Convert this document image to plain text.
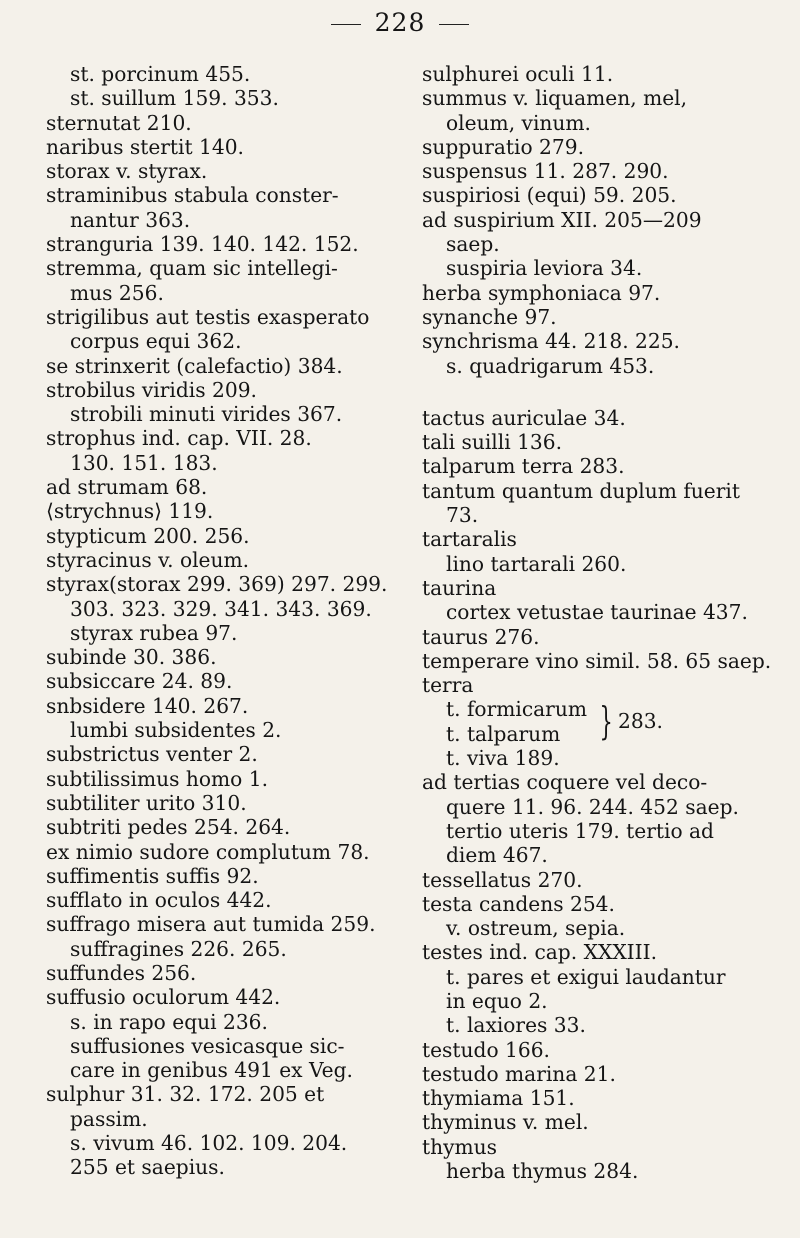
228
st. porcinum 455.
st. suillum 159. 353.
sternutat 210.
naribus stertit 140.
storax v. styrax.
straminibus stabula conster-
nantur 363.
stranguria 139. 140. 142. 152.
stremma, quam sic intellegi-
mus 256.
strigilibus aut testis exasperato
corpus equi 362.
se strinxerit (calefactio) 384.
strobilus viridis 209.
strobili minuti virides 367.
strophus ind. cap. VII. 28.
130. 151. 183.
ad strumam 68.
⟨strychnus⟩ 119.
stypticum 200. 256.
styracinus v. oleum.
styrax(storax 299. 369) 297. 299.
303. 323. 329. 341. 343. 369.
styrax rubea 97.
subinde 30. 386.
subsiccare 24. 89.
snbsidere 140. 267.
lumbi subsidentes 2.
substrictus venter 2.
subtilissimus homo 1.
subtiliter urito 310.
subtriti pedes 254. 264.
ex nimio sudore complutum 78.
suffimentis suffis 92.
sufflato in oculos 442.
suffrago misera aut tumida 259.
suffragines 226. 265.
suffundes 256.
suffusio oculorum 442.
s. in rapo equi 236.
suffusiones vesicasque sic-
care in genibus 491 ex Veg.
sulphur 31. 32. 172. 205 et
passim.
s. vivum 46. 102. 109. 204.
255 et saepius.
sulphurei oculi 11.
summus v. liquamen, mel,
oleum, vinum.
suppuratio 279.
suspensus 11. 287. 290.
suspiriosi (equi) 59. 205.
ad suspirium XII. 205—209
saep.
suspiria leviora 34.
herba symphoniaca 97.
synanche 97.
synchrisma 44. 218. 225.
s. quadrigarum 453.
tactus auriculae 34.
tali suilli 136.
talparum terra 283.
tantum quantum duplum fuerit
73.
tartaralis
lino tartarali 260.
taurina
cortex vetustae taurinae 437.
taurus 276.
temperare vino simil. 58. 65 saep.
terra
t. formicarum } 283.
t. talparum
t. viva 189.
ad tertias coquere vel deco-
quere 11. 96. 244. 452 saep.
tertio uteris 179. tertio ad
diem 467.
tessellatus 270.
testa candens 254.
v. ostreum, sepia.
testes ind. cap. XXXIII.
t. pares et exigui laudantur
in equo 2.
t. laxiores 33.
testudo 166.
testudo marina 21.
thymiama 151.
thyminus v. mel.
thymus
herba thymus 284.
